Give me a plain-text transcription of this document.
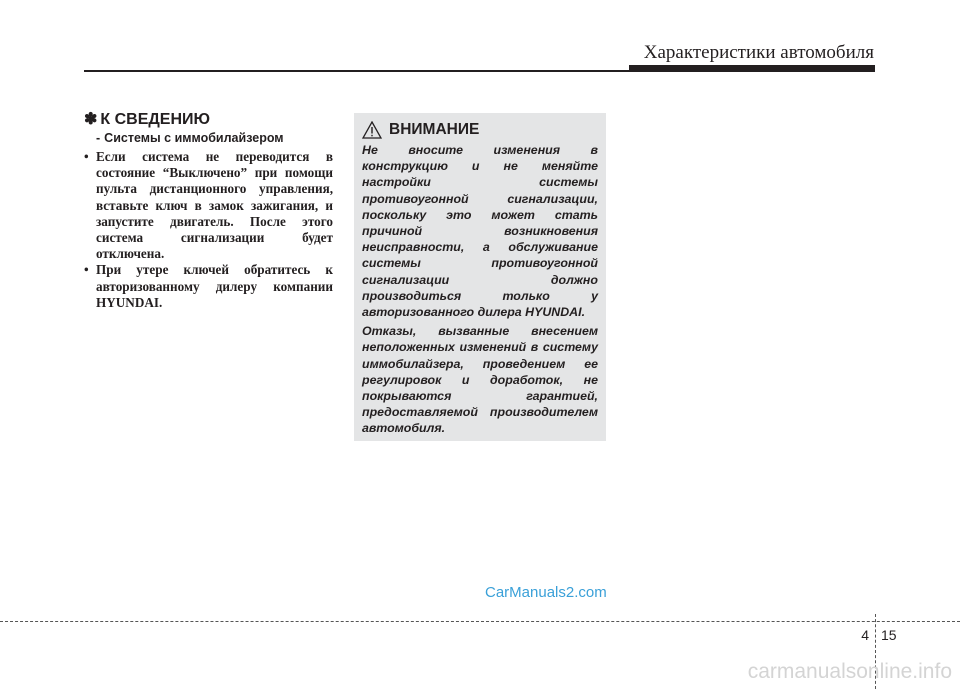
Характеристики автомобиля
✽ К СВЕДЕНИЮ
- Системы с иммобилайзером
• Если система не переводится в состояние “Выключено” при помощи пульта дистанционного управления, вставьте ключ в замок зажигания, и запустите двигатель. После этого система сигнализации будет отключена.
• При утере ключей обратитесь к авторизованному дилеру компании HYUNDAI.
ВНИМАНИЕ

Не вносите изменения в конструкцию и не меняйте настройки системы противоугонной сигнализации, поскольку это может стать причиной возникновения неисправности, а обслуживание системы противоугонной сигнализации должно производиться только у авторизованного дилера HYUNDAI.

Отказы, вызванные внесением неположенных изменений в систему иммобилайзера, проведением ее регулировок и доработок, не покрываются гарантией, предоставляемой производителем автомобиля.

CarManuals2.com
4 15
carmanualsonline.info
